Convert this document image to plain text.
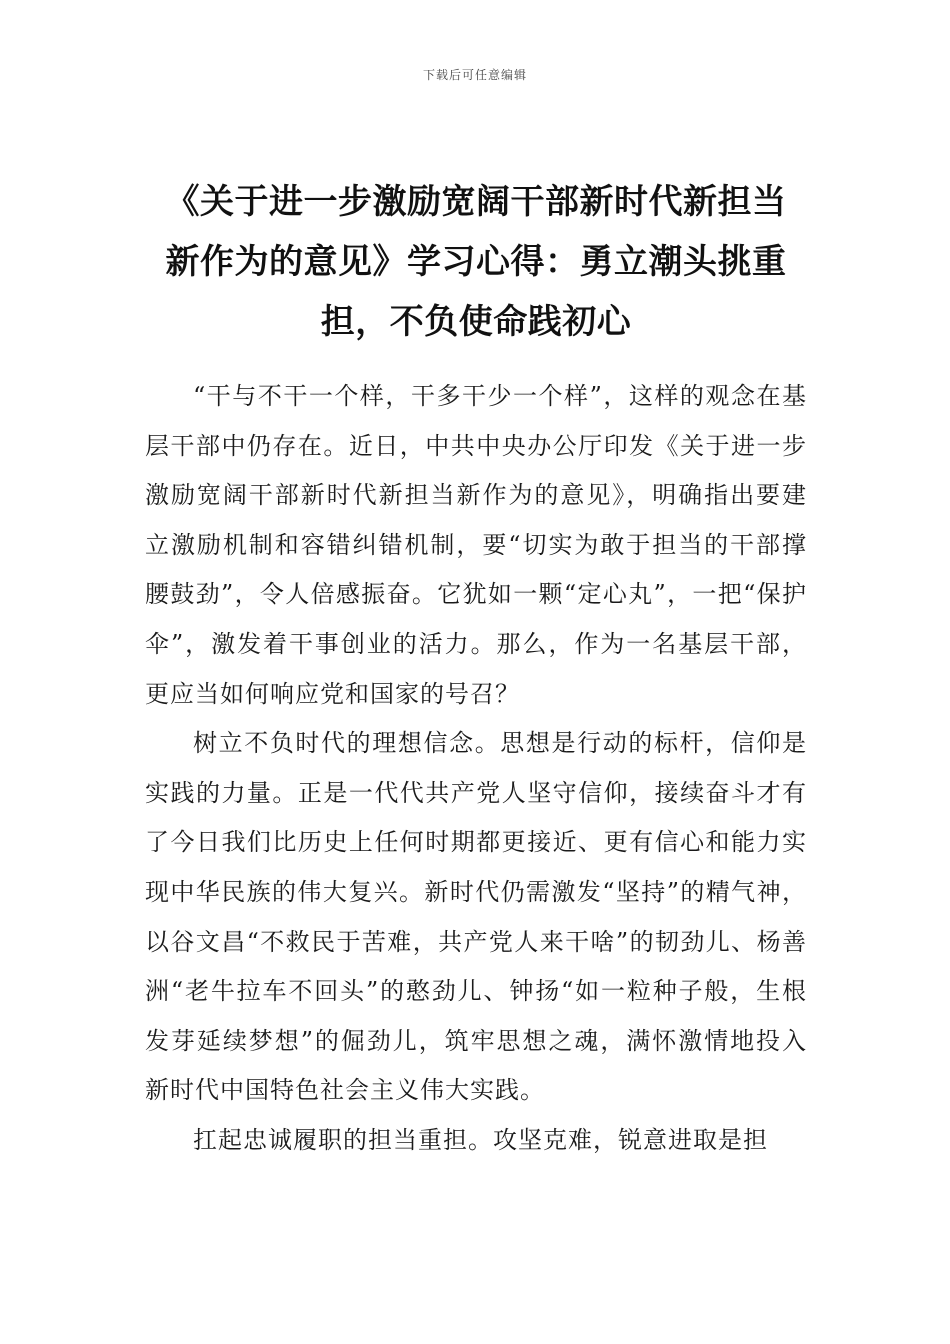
下载后可任意编辑
《关于进一步激励宽阔干部新时代新担当新作为的意见》学习心得：勇立潮头挑重担，不负使命践初心

“干与不干一个样，干多干少一个样”，这样的观念在基层干部中仍存在。近日，中共中央办公厅印发《关于进一步激励宽阔干部新时代新担当新作为的意见》，明确指出要建立激励机制和容错纠错机制，要“切实为敢于担当的干部撑腰鼓劲”，令人倍感振奋。它犹如一颗“定心丸”，一把“保护伞”，激发着干事创业的活力。那么，作为一名基层干部，更应当如何响应党和国家的号召？

树立不负时代的理想信念。思想是行动的标杆，信仰是实践的力量。正是一代代共产党人坚守信仰，接续奋斗才有了今日我们比历史上任何时期都更接近、更有信心和能力实现中华民族的伟大复兴。新时代仍需激发“坚持”的精气神，以谷文昌“不救民于苦难，共产党人来干啥”的韧劲儿、杨善洲“老牛拉车不回头”的憨劲儿、钟扬“如一粒种子般，生根发芽延续梦想”的倔劲儿，筑牢思想之魂，满怀激情地投入新时代中国特色社会主义伟大实践。

扛起忠诚履职的担当重担。攻坚克难，锐意进取是担
